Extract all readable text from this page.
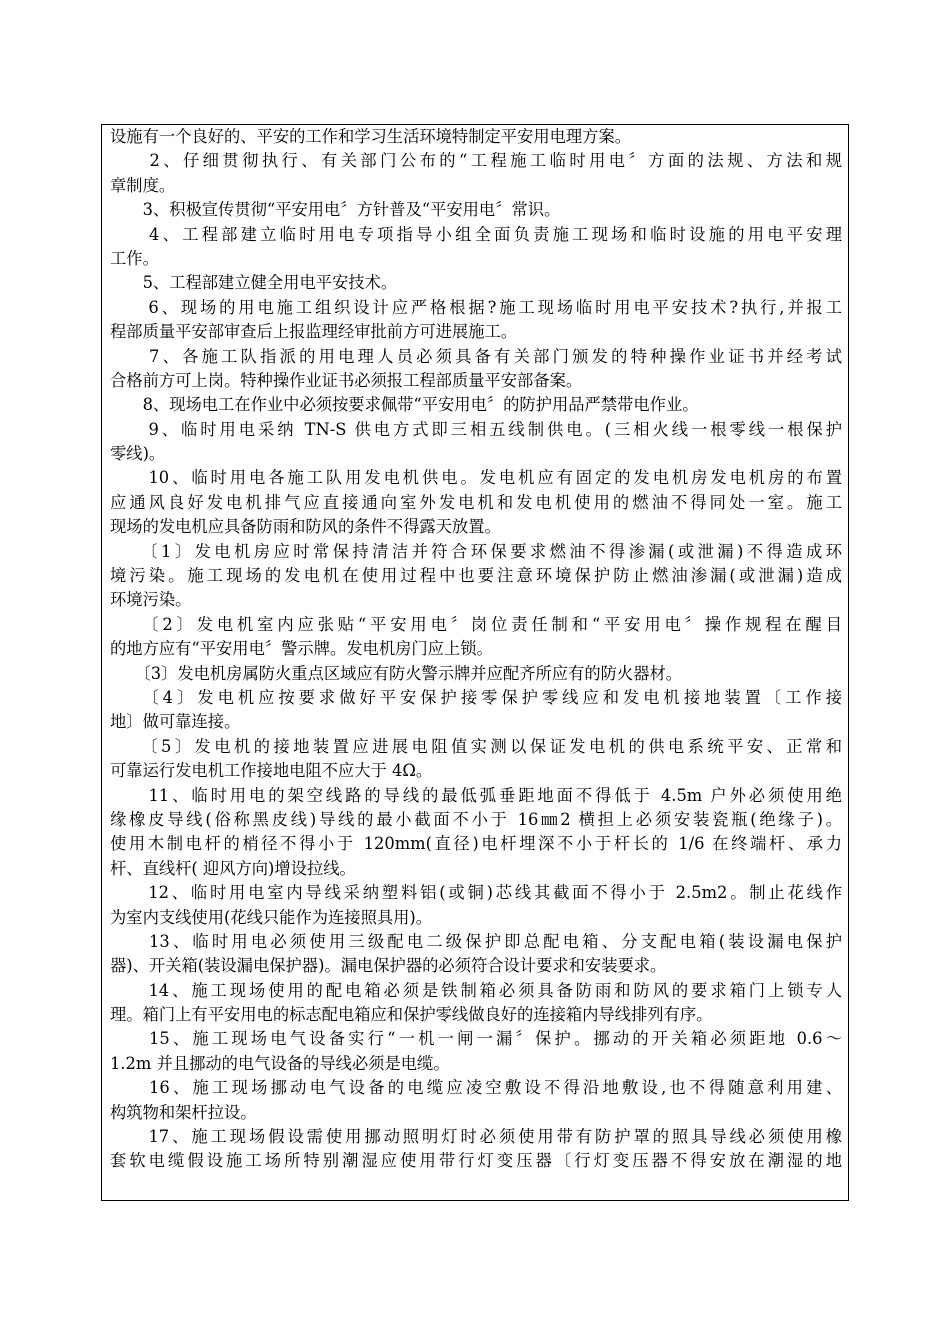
设施有一个良好的、平安的工作和学习生活环境特制定平安用电理方案。
　　2、仔细贯彻执行、有关部门公布的“工程施工临时用电〞方面的法规、方法和规
章制度。
　　3、积极宣传贯彻“平安用电〞方针普及“平安用电〞常识。
　　4、工程部建立临时用电专项指导小组全面负责施工现场和临时设施的用电平安理
工作。
　　5、工程部建立健全用电平安技术。
　　6、现场的用电施工组织设计应严格根据?施工现场临时用电平安技术?执行,并报工
程部质量平安部审查后上报监理经审批前方可进展施工。
　　7、各施工队指派的用电理人员必须具备有关部门颁发的特种操作业证书并经考试
合格前方可上岗。特种操作业证书必须报工程部质量平安部备案。
　　8、现场电工在作业中必须按要求佩带“平安用电〞的防护用品严禁带电作业。
　　9、临时用电采纳 TN-S 供电方式即三相五线制供电。(三相火线一根零线一根保护
零线)。
　　10、临时用电各施工队用发电机供电。发电机应有固定的发电机房发电机房的布置
应通风良好发电机排气应直接通向室外发电机和发电机使用的燃油不得同处一室。施工
现场的发电机应具备防雨和防风的条件不得露天放置。
　　〔1〕发电机房应时常保持清洁并符合环保要求燃油不得渗漏(或泄漏)不得造成环
境污染。施工现场的发电机在使用过程中也要注意环境保护防止燃油渗漏(或泄漏)造成
环境污染。
　　〔2〕发电机室内应张贴“平安用电〞岗位责任制和“平安用电〞操作规程在醒目
的地方应有“平安用电〞警示牌。发电机房门应上锁。
　　〔3〕发电机房属防火重点区域应有防火警示牌并应配齐所应有的防火器材。
　　〔4〕发电机应按要求做好平安保护接零保护零线应和发电机接地装置〔工作接
地〕做可靠连接。
　　〔5〕发电机的接地装置应进展电阻值实测以保证发电机的供电系统平安、正常和
可靠运行发电机工作接地电阻不应大于 4Ω。
　　11、临时用电的架空线路的导线的最低弧垂距地面不得低于 4.5m 户外必须使用绝
缘橡皮导线(俗称黑皮线)导线的最小截面不小于 16㎜2 横担上必须安装瓷瓶(绝缘子)。
使用木制电杆的梢径不得小于 120mm(直径)电杆埋深不小于杆长的 1/6 在终端杆、承力
杆、直线杆( 迎风方向)增设拉线。
　　12、临时用电室内导线采纳塑料铝(或铜)芯线其截面不得小于 2.5m2。制止花线作
为室内支线使用(花线只能作为连接照具用)。
　　13、临时用电必须使用三级配电二级保护即总配电箱、分支配电箱(装设漏电保护
器)、开关箱(装设漏电保护器)。漏电保护器的必须符合设计要求和安装要求。
　　14、施工现场使用的配电箱必须是铁制箱必须具备防雨和防风的要求箱门上锁专人
理。箱门上有平安用电的标志配电箱应和保护零线做良好的连接箱内导线排列有序。
　　15、施工现场电气设备实行“一机一闸一漏〞保护。挪动的开关箱必须距地 0.6～
1.2m 并且挪动的电气设备的导线必须是电缆。
　　16、施工现场挪动电气设备的电缆应凌空敷设不得沿地敷设,也不得随意利用建、
构筑物和架杆拉设。
　　17、施工现场假设需使用挪动照明灯时必须使用带有防护罩的照具导线必须使用橡
套软电缆假设施工场所特别潮湿应使用带行灯变压器〔行灯变压器不得安放在潮湿的地
